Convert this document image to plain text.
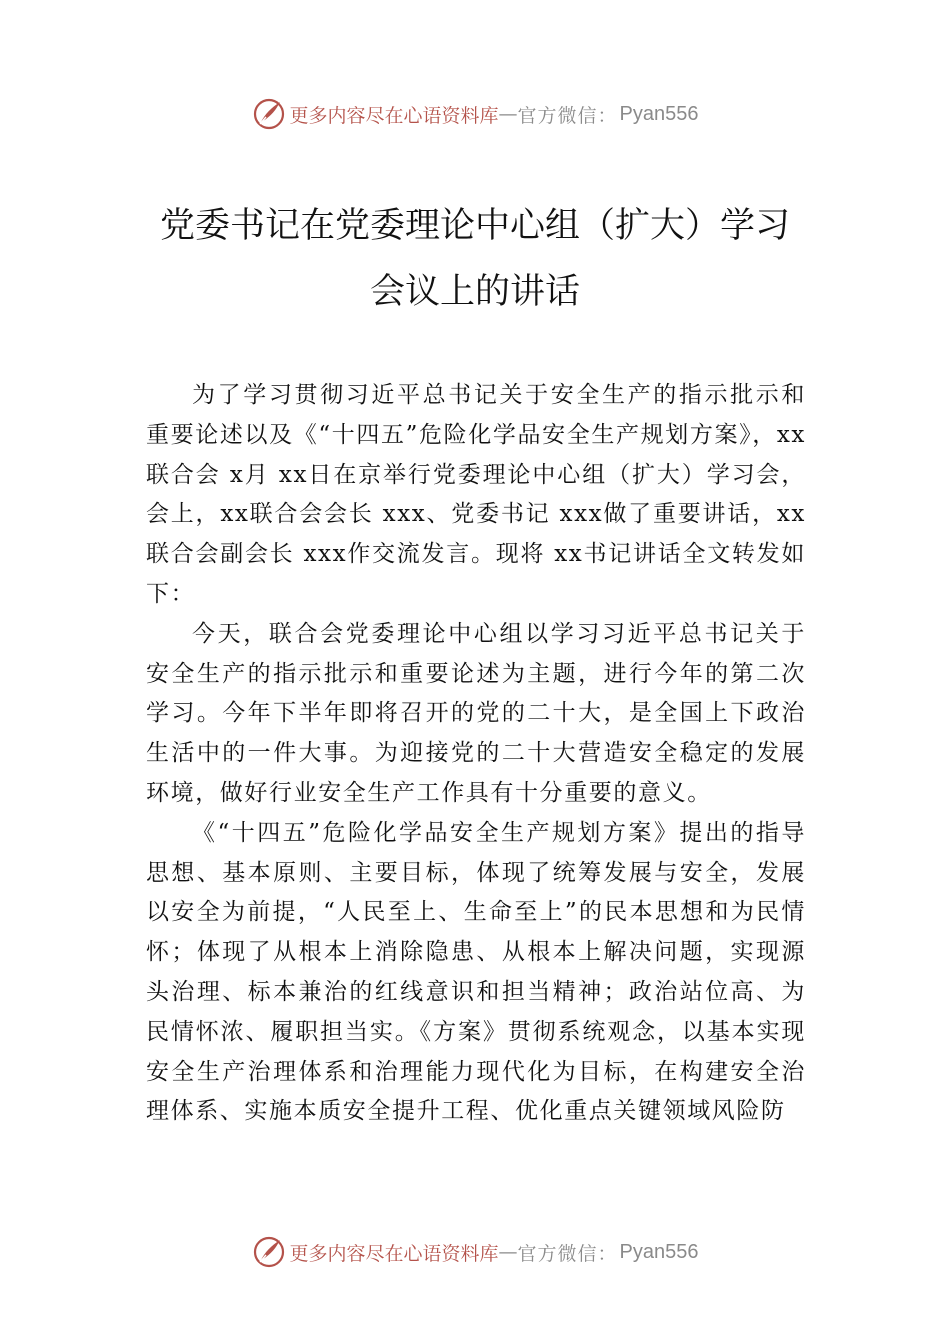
更多内容尽在心语资料库 — 官方微信： Pyan556
党委书记在党委理论中心组（扩大）学习
会议上的讲话

为了学习贯彻习近平总书记关于安全生产的指示批示和重要论述以及《“十四五”危险化学品安全生产规划方案》，xx联合会 x月 xx日在京举行党委理论中心组（扩大）学习会，会上，xx联合会会长 xxx、党委书记 xxx做了重要讲话，xx联合会副会长 xxx作交流发言。现将 xx书记讲话全文转发如下：

今天，联合会党委理论中心组以学习习近平总书记关于安全生产的指示批示和重要论述为主题，进行今年的第二次学习。今年下半年即将召开的党的二十大，是全国上下政治生活中的一件大事。为迎接党的二十大营造安全稳定的发展环境，做好行业安全生产工作具有十分重要的意义。

《“十四五”危险化学品安全生产规划方案》提出的指导思想、基本原则、主要目标，体现了统筹发展与安全，发展以安全为前提，“人民至上、生命至上”的民本思想和为民情怀；体现了从根本上消除隐患、从根本上解决问题，实现源头治理、标本兼治的红线意识和担当精神；政治站位高、为民情怀浓、履职担当实。《方案》贯彻系统观念，以基本实现安全生产治理体系和治理能力现代化为目标，在构建安全治理体系、实施本质安全提升工程、优化重点关键领域风险防

更多内容尽在心语资料库 — 官方微信： Pyan556
